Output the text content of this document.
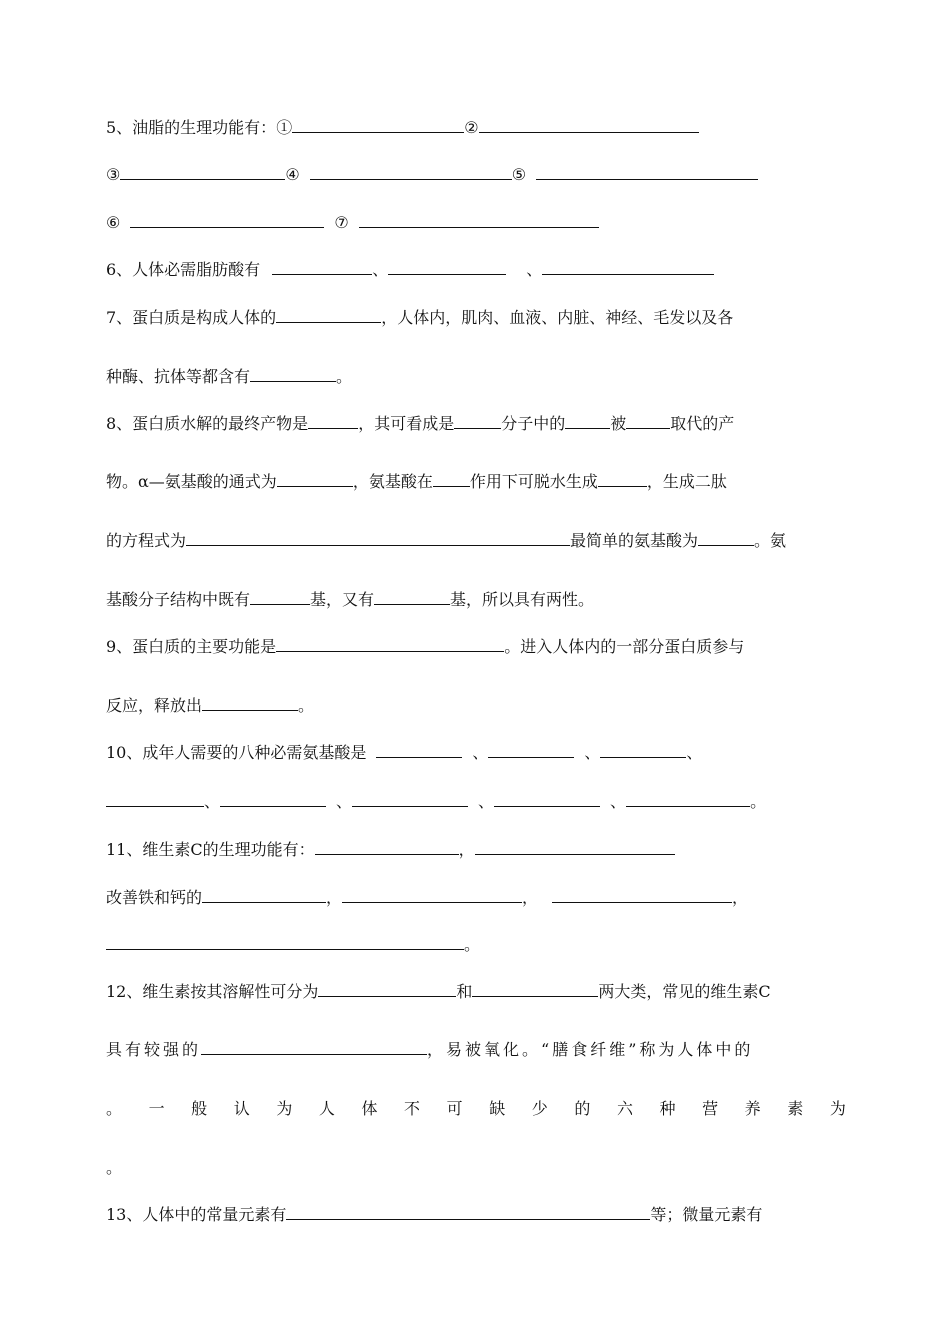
5、油脂的生理功能有：①	②
③	④	⑤
⑥	⑦
6、人体必需脂肪酸有	、	、
7、蛋白质是构成人体的	，人体内，肌肉、血液、内脏、神经、毛发以及各
种酶、抗体等都含有	。
8、蛋白质水解的最终产物是	，其可看成是	分子中的	被	取代的产
物。α—氨基酸的通式为	，氨基酸在 作用下可脱水生成	，生成二肽
的方程式为	最简单的氨基酸为	。氨
基酸分子结构中既有	基，又有	基，所以具有两性。
9、蛋白质的主要功能是	。进入人体内的一部分蛋白质参与
反应，释放出	。
10、成年人需要的八种必需氨基酸是	、	、	、
、	、	、	、	。
11、维生素C的生理功能有：	，
改善铁和钙的	，	，	，
。
12、维生素按其溶解性可分为	和	两大类，常见的维生素C
具有较强的	，易被氧化。“膳食纤维”称为人体中的
。 一 般 认 为 人 体 不 可 缺 少 的 六 种 营 养 素 为
。
13、人体中的常量元素有	等；微量元素有
